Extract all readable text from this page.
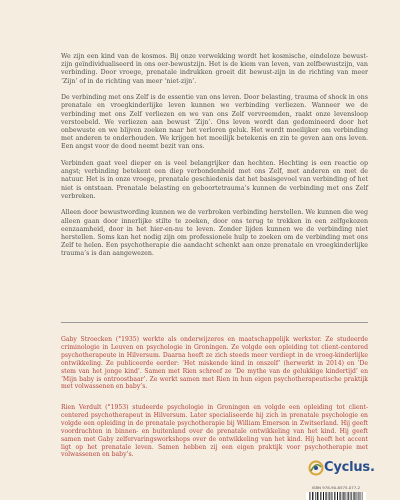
We zijn een kind van de kosmos. Bij onze verwekking wordt het kosmische, eindeloze bewust-zijn geïndividualiseerd in ons oer-bewustzijn. Het is de kiem van leven, van zelfbewustzijn, van verbinding. Door vroege, prenatale indrukken groeit dit bewust-zijn in de richting van meer ‘Zijn’ of in de richting van meer ‘niet-zijn’.

De verbinding met ons Zelf is de essentie van ons leven. Door belasting, trauma of shock in ons prenatale en vroegkinderlijke leven kunnen we verbinding verliezen. Wanneer we de verbinding met ons Zelf verliezen en we van ons Zelf vervreemden, raakt onze levensloop verstoebeld. We verliezen aan bewust ‘Zijn’. Ons leven wordt dan gedomineerd door het onbewuste en we blijven zoeken naar het verloren geluk. Het wordt moeilijker om verbinding met anderen te onderhouden. We krijgen het moeilijk betekenis en zin te geven aan ons leven. Een angst voor de dood neemt bezit van ons.

Verbinden gaat veel dieper en is veel belangrijker dan hechten. Hechting is een reactie op angst; verbinding betekent een diep verbondenheid met ons Zelf, met anderen en met de natuur. Het is in onze vroege, prenatale geschiedenis dat het basisgevoel van verbinding of het niet is ontstaan. Prenatale belasting en geboortetrauma’s kunnen de verbinding met ons Zelf verbreken.

Alleen door bewustwording kunnen we de verbroken verbinding herstellen. We kunnen die weg alleen gaan door innerlijke stilte te zoeken, door ons terug te trekken in een zelfgekozen eenzaamheid, door in het hier-en-nu te leven. Zonder lijden kunnen we de verbinding niet herstellen. Soms kan het nodig zijn om professionele hulp te zoeken om de verbinding met ons Zelf te helen. Een psychotherapie die aandacht schenkt aan onze prenatale en vroegkinderlijke trauma’s is dan aangewezen.

Gaby Stroecken (°1935) werkte als onderwijzeres en maatschappelijk werkster. Ze studeerde criminologie in Leuven en psychologie in Groningen. Ze volgde een opleiding tot client-centered psychotherapeute in Hilversum. Daarna heeft ze zich steeds meer verdiept in de vroeg-kinderlijke ontwikkeling. Ze publiceerde eerder: ‘Het miskende kind in onszelf’ (herwerkt in 2014) en ‘De stem van het jonge kind’. Samen met Rien schreef ze ‘De mythe van de gelukkige kindertijd’ en ‘Mijn baby is ontroostbaar’. Ze werkt samen met Rien in hun eigen psychotherapeutische praktijk met volwassenen en baby’s.

Rien Verdult (°1953) studeerde psychologie in Groningen en volgde een opleiding tot client-centered psychotherapeut in Hilversum. Later specialiseerde hij zich in prenatale psychologie en volgde een opleiding in de prenatale psychotherapie bij William Emerson in Zwitserland. Hij geeft voordrachten in binnen- en buitenland over de prenatale ontwikkeling van het kind. Hij geeft samen met Gaby zelfervaringsworkshops over de ontwikkeling van het kind. Hij heeft het accent ligt op het prenatale leven. Samen hebben zij een eigen praktijk voor psychotherapie met volwassenen en baby’s.

Cyclus.
ISBN 978-90-8575-077-2
